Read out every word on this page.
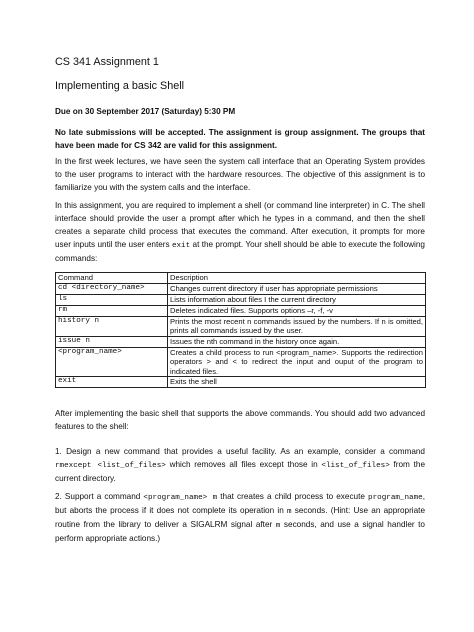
CS 341 Assignment 1
Implementing a basic Shell

Due on 30 September 2017 (Saturday) 5:30 PM

No late submissions will be accepted. The assignment is group assignment. The groups that have been made for CS 342 are valid for this assignment.

In the first week lectures, we have seen the system call interface that an Operating System provides to the user programs to interact with the hardware resources. The objective of this assignment is to familiarize you with the system calls and the interface.

In this assignment, you are required to implement a shell (or command line interpreter) in C. The shell interface should provide the user a prompt after which he types in a command, and then the shell creates a separate child process that executes the command. After execution, it prompts for more user inputs until the user enters exit at the prompt. Your shell should be able to execute the following commands:

Command	Description
cd <directory_name>	Changes current directory if user has appropriate permissions
ls	Lists information about files I the current directory
rm	Deletes indicated files. Supports options –r, -f, -v
history n	Prints the most recent n commands issued by the numbers. If n is omitted, prints all commands issued by the user.
issue n	Issues the nth command in the history once again.
<program_name>	Creates a child process to run <program_name>. Supports the redirection operators > and < to redirect the input and ouput of the program to indicated files.
exit	Exits the shell

After implementing the basic shell that supports the above commands. You should add two advanced features to the shell:

1. Design a new command that provides a useful facility. As an example, consider a command rmexcept <list_of_files> which removes all files except those in <list_of_files> from the current directory.

2. Support a command <program_name> m that creates a child process to execute program_name, but aborts the process if it does not complete its operation in m seconds. (Hint: Use an appropriate routine from the library to deliver a SIGALRM signal after m seconds, and use a signal handler to perform appropriate actions.)
